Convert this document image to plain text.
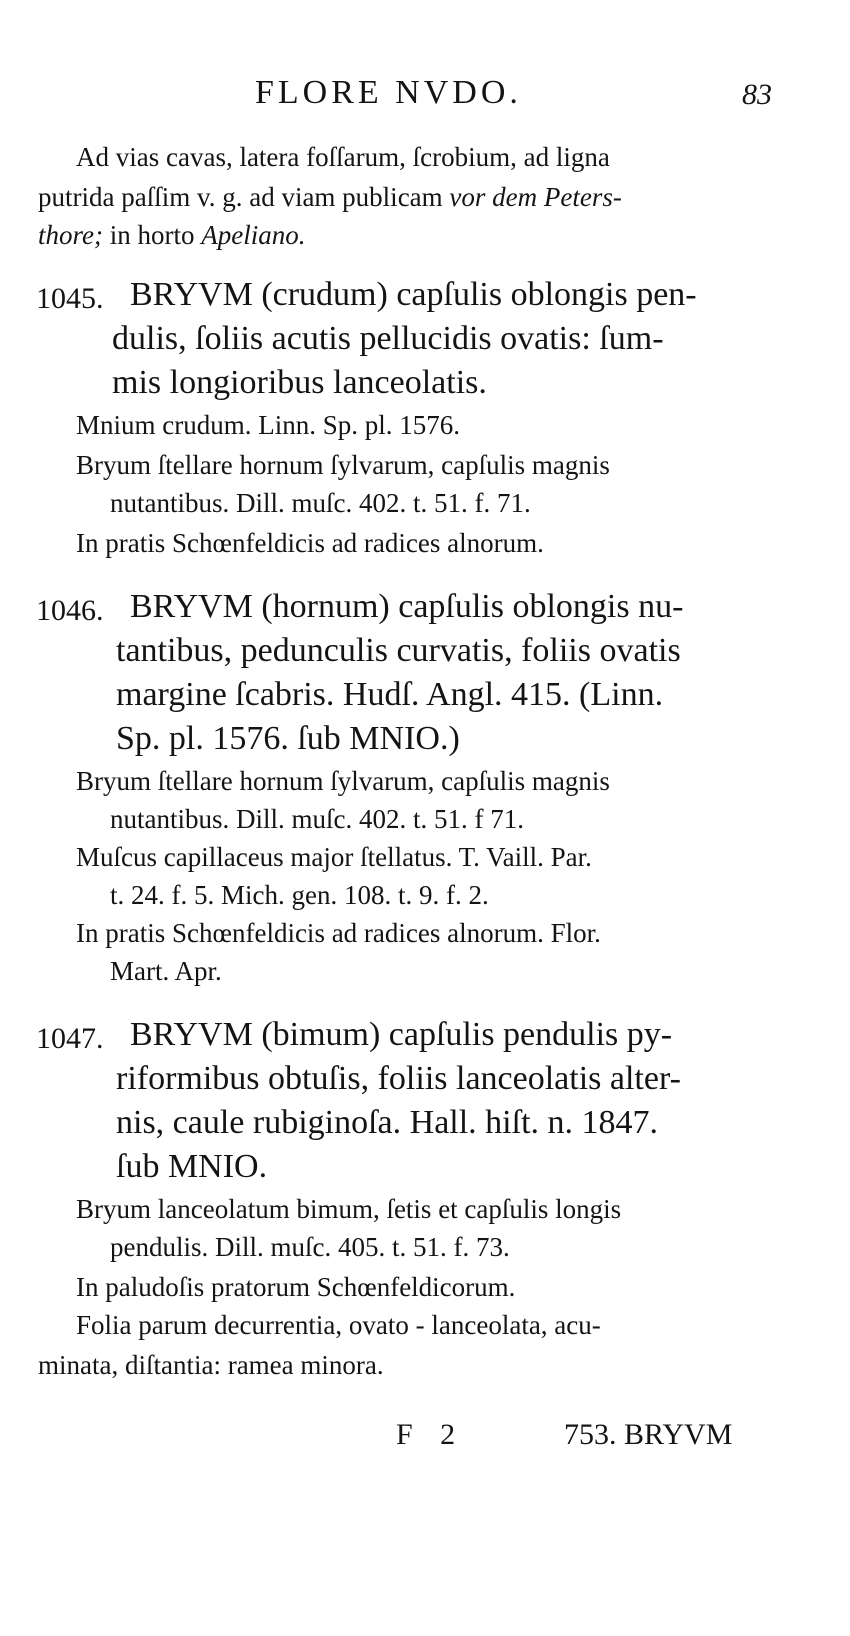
FLORE NVDO.	83
Ad vias cavas, latera foſſarum, ſcrobium, ad ligna
putrida paſſim v. g. ad viam publicam vor dem Peters-
thore; in horto Apeliano.
1045. BRYVM (crudum) capſulis oblongis pen-
dulis, ſoliis acutis pellucidis ovatis: ſum-
mis longioribus lanceolatis.
Mnium crudum. Linn. Sp. pl. 1576.
Bryum ſtellare hornum ſylvarum, capſulis magnis
nutantibus. Dill. muſc. 402. t. 51. f. 71.
In pratis Schœnfeldicis ad radices alnorum.
1046. BRYVM (hornum) capſulis oblongis nu-
tantibus, pedunculis curvatis, foliis ovatis
margine ſcabris. Hudſ. Angl. 415. (Linn.
Sp. pl. 1576. ſub MNIO.)
Bryum ſtellare hornum ſylvarum, capſulis magnis
nutantibus. Dill. muſc. 402. t. 51. f 71.
Muſcus capillaceus major ſtellatus. T. Vaill. Par.
t. 24. f. 5. Mich. gen. 108. t. 9. f. 2.
In pratis Schœnfeldicis ad radices alnorum. Flor.
Mart. Apr.
1047. BRYVM (bimum) capſulis pendulis py-
riformibus obtuſis, foliis lanceolatis alter-
nis, caule rubiginoſa. Hall. hiſt. n. 1847.
ſub MNIO.
Bryum lanceolatum bimum, ſetis et capſulis longis
pendulis. Dill. muſc. 405. t. 51. f. 73.
In paludoſis pratorum Schœnfeldicorum.
Folia parum decurrentia, ovato - lanceolata, acu-
minata, diſtantia: ramea minora.
F 2	753. BRYVM
